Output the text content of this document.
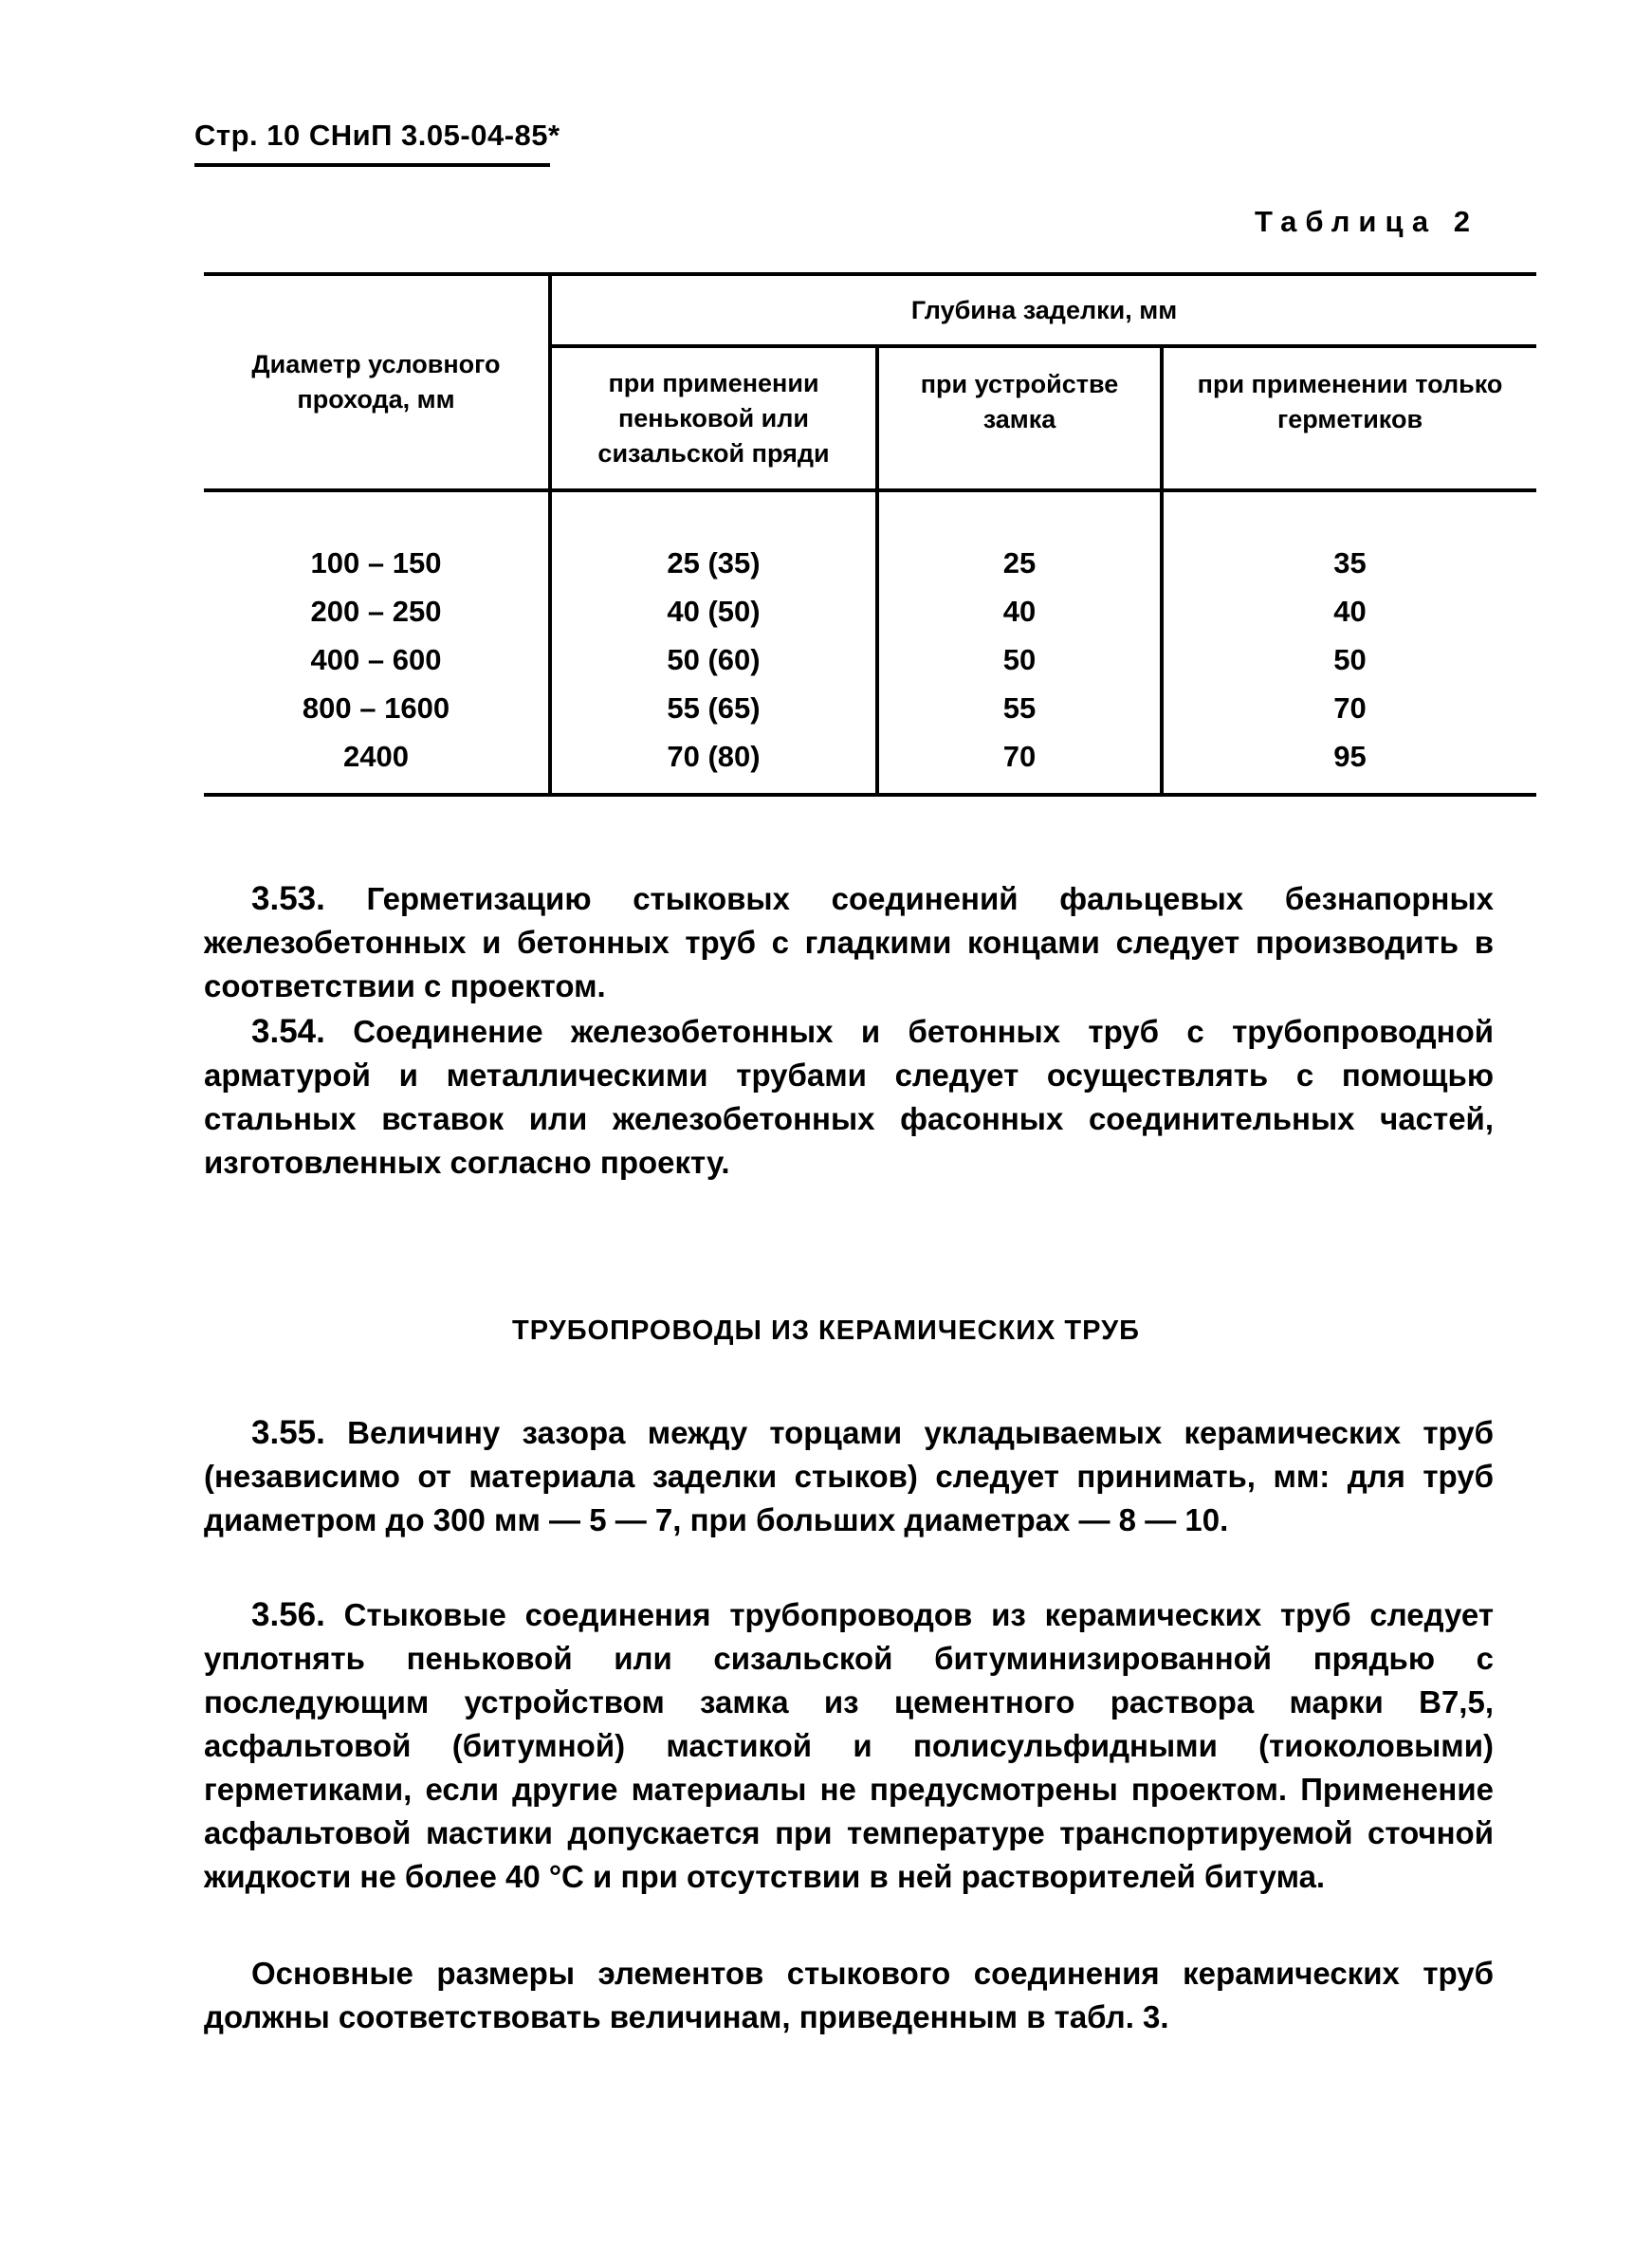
Стр. 10 СНиП 3.05-04-85*
Таблица 2
Диаметр условного прохода, мм	Глубина заделки, мм		
	при применении пеньковой или сизальской пряди	при устройстве замка	при применении только герметиков
100 – 150	25 (35)	25	35
200 – 250	40 (50)	40	40
400 – 600	50 (60)	50	50
800 – 1600	55 (65)	55	70
2400	70 (80)	70	95
3.53. Герметизацию стыковых соединений фальцевых безнапорных железобетонных и бетонных труб с гладкими концами следует производить в соответствии с проектом.
3.54. Соединение железобетонных и бетонных труб с трубопроводной арматурой и металлическими трубами следует осуществлять с помощью стальных вставок или железобетонных фасонных соединительных частей, изготовленных согласно проекту.
ТРУБОПРОВОДЫ ИЗ КЕРАМИЧЕСКИХ ТРУБ
3.55. Величину зазора между торцами укладываемых керамических труб (независимо от материала заделки стыков) следует принимать, мм: для труб диаметром до 300 мм — 5 — 7, при больших диаметрах — 8 — 10.
3.56. Стыковые соединения трубопроводов из керамических труб следует уплотнять пеньковой или сизальской битуминизированной прядью с последующим устройством замка из цементного раствора марки В7,5, асфальтовой (битумной) мастикой и полисульфидными (тиоколовыми) герметиками, если другие материалы не предусмотрены проектом. Применение асфальтовой мастики допускается при температуре транспортируемой сточной жидкости не более 40 °С и при отсутствии в ней растворителей битума.
Основные размеры элементов стыкового соединения керамических труб должны соответствовать величинам, приведенным в табл. 3.
